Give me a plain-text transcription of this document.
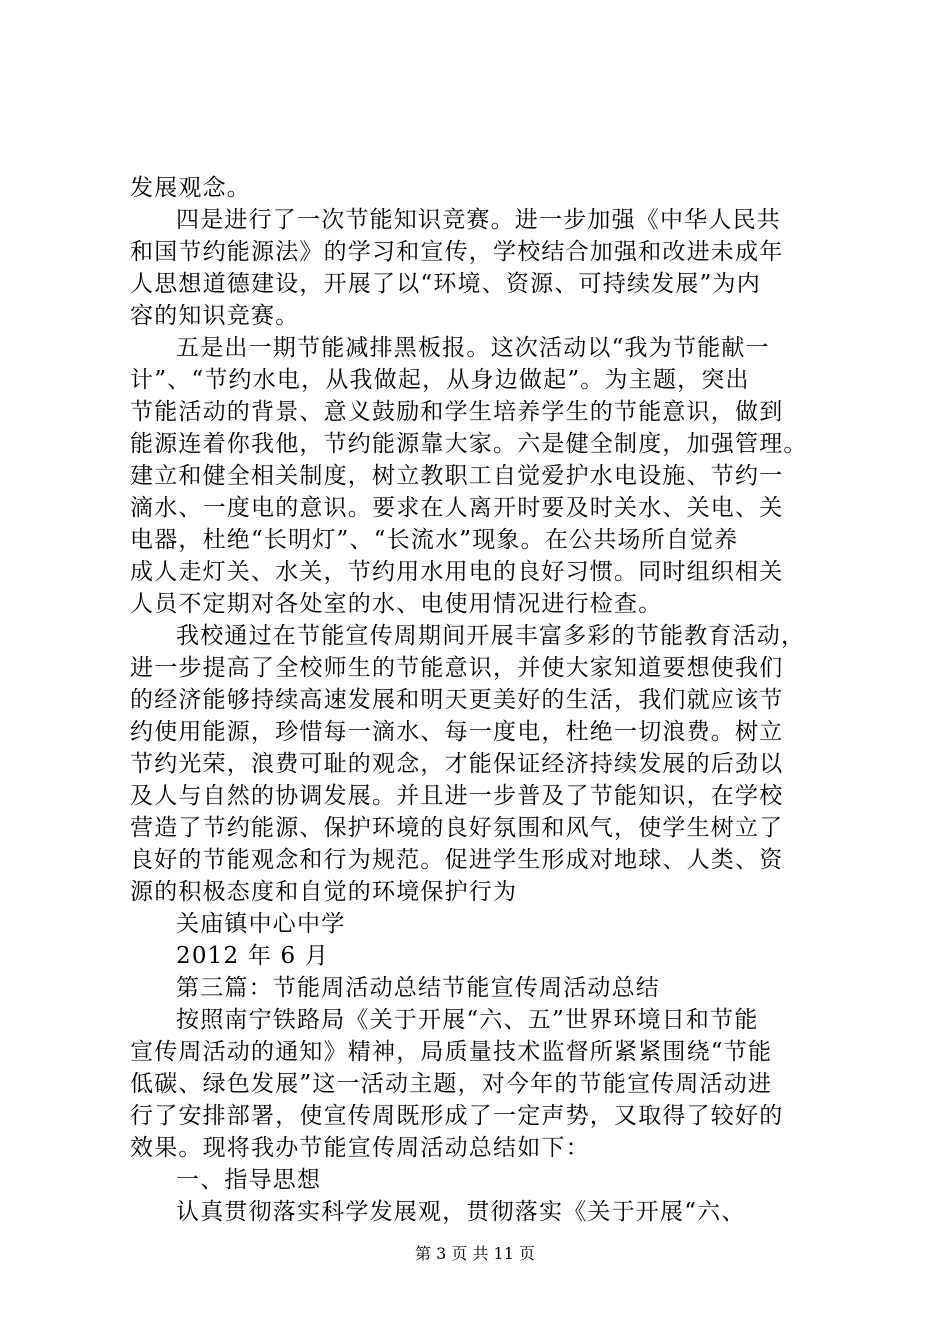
发展观念。
四是进行了一次节能知识竞赛。进一步加强《中华人民共
和国节约能源法》的学习和宣传，学校结合加强和改进未成年
人思想道德建设，开展了以“环境、资源、可持续发展”为内
容的知识竞赛。
五是出一期节能减排黑板报。这次活动以“我为节能献一
计”、“节约水电，从我做起，从身边做起”。为主题，突出
节能活动的背景、意义鼓励和学生培养学生的节能意识，做到
能源连着你我他，节约能源靠大家。六是健全制度，加强管理。
建立和健全相关制度，树立教职工自觉爱护水电设施、节约一
滴水、一度电的意识。要求在人离开时要及时关水、关电、关
电器，杜绝“长明灯”、“长流水”现象。在公共场所自觉养
成人走灯关、水关，节约用水用电的良好习惯。同时组织相关
人员不定期对各处室的水、电使用情况进行检查。
我校通过在节能宣传周期间开展丰富多彩的节能教育活动，
进一步提高了全校师生的节能意识，并使大家知道要想使我们
的经济能够持续高速发展和明天更美好的生活，我们就应该节
约使用能源，珍惜每一滴水、每一度电，杜绝一切浪费。树立
节约光荣，浪费可耻的观念，才能保证经济持续发展的后劲以
及人与自然的协调发展。并且进一步普及了节能知识，在学校
营造了节约能源、保护环境的良好氛围和风气，使学生树立了
良好的节能观念和行为规范。促进学生形成对地球、人类、资
源的积极态度和自觉的环境保护行为
关庙镇中心中学
2012 年 6 月
第三篇：节能周活动总结节能宣传周活动总结
按照南宁铁路局《关于开展“六、五”世界环境日和节能
宣传周活动的通知》精神，局质量技术监督所紧紧围绕“节能
低碳、绿色发展”这一活动主题，对今年的节能宣传周活动进
行了安排部署，使宣传周既形成了一定声势，又取得了较好的
效果。现将我办节能宣传周活动总结如下：
一、指导思想
认真贯彻落实科学发展观，贯彻落实《关于开展“六、
第 3 页 共 11 页
